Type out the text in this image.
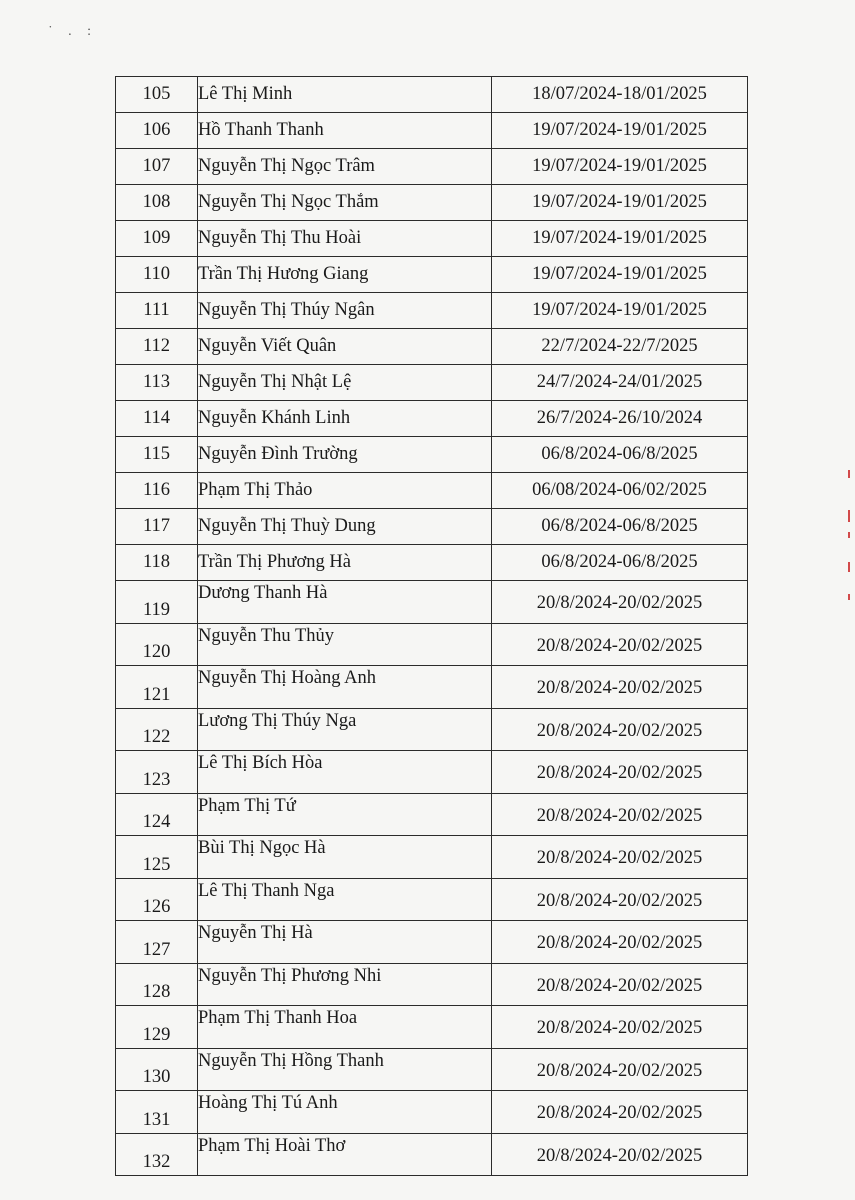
˙ . :
105	Lê Thị Minh	18/07/2024-18/01/2025
106	Hồ Thanh Thanh	19/07/2024-19/01/2025
107	Nguyễn Thị Ngọc Trâm	19/07/2024-19/01/2025
108	Nguyễn Thị Ngọc Thắm	19/07/2024-19/01/2025
109	Nguyễn Thị Thu Hoài	19/07/2024-19/01/2025
110	Trần Thị Hương Giang	19/07/2024-19/01/2025
111	Nguyễn Thị Thúy Ngân	19/07/2024-19/01/2025
112	Nguyễn Viết Quân	22/7/2024-22/7/2025
113	Nguyễn Thị Nhật Lệ	24/7/2024-24/01/2025
114	Nguyễn Khánh Linh	26/7/2024-26/10/2024
115	Nguyễn Đình Trường	06/8/2024-06/8/2025
116	Phạm Thị Thảo	06/08/2024-06/02/2025
117	Nguyễn Thị Thuỳ Dung	06/8/2024-06/8/2025
118	Trần Thị Phương Hà	06/8/2024-06/8/2025
119	Dương Thanh Hà	20/8/2024-20/02/2025
120	Nguyễn Thu Thủy	20/8/2024-20/02/2025
121	Nguyễn Thị Hoàng Anh	20/8/2024-20/02/2025
122	Lương Thị Thúy Nga	20/8/2024-20/02/2025
123	Lê Thị Bích Hòa	20/8/2024-20/02/2025
124	Phạm Thị Tứ	20/8/2024-20/02/2025
125	Bùi Thị Ngọc Hà	20/8/2024-20/02/2025
126	Lê Thị Thanh Nga	20/8/2024-20/02/2025
127	Nguyễn Thị Hà	20/8/2024-20/02/2025
128	Nguyễn Thị Phương Nhi	20/8/2024-20/02/2025
129	Phạm Thị Thanh Hoa	20/8/2024-20/02/2025
130	Nguyễn Thị Hồng Thanh	20/8/2024-20/02/2025
131	Hoàng Thị Tú Anh	20/8/2024-20/02/2025
132	Phạm Thị Hoài Thơ	20/8/2024-20/02/2025
